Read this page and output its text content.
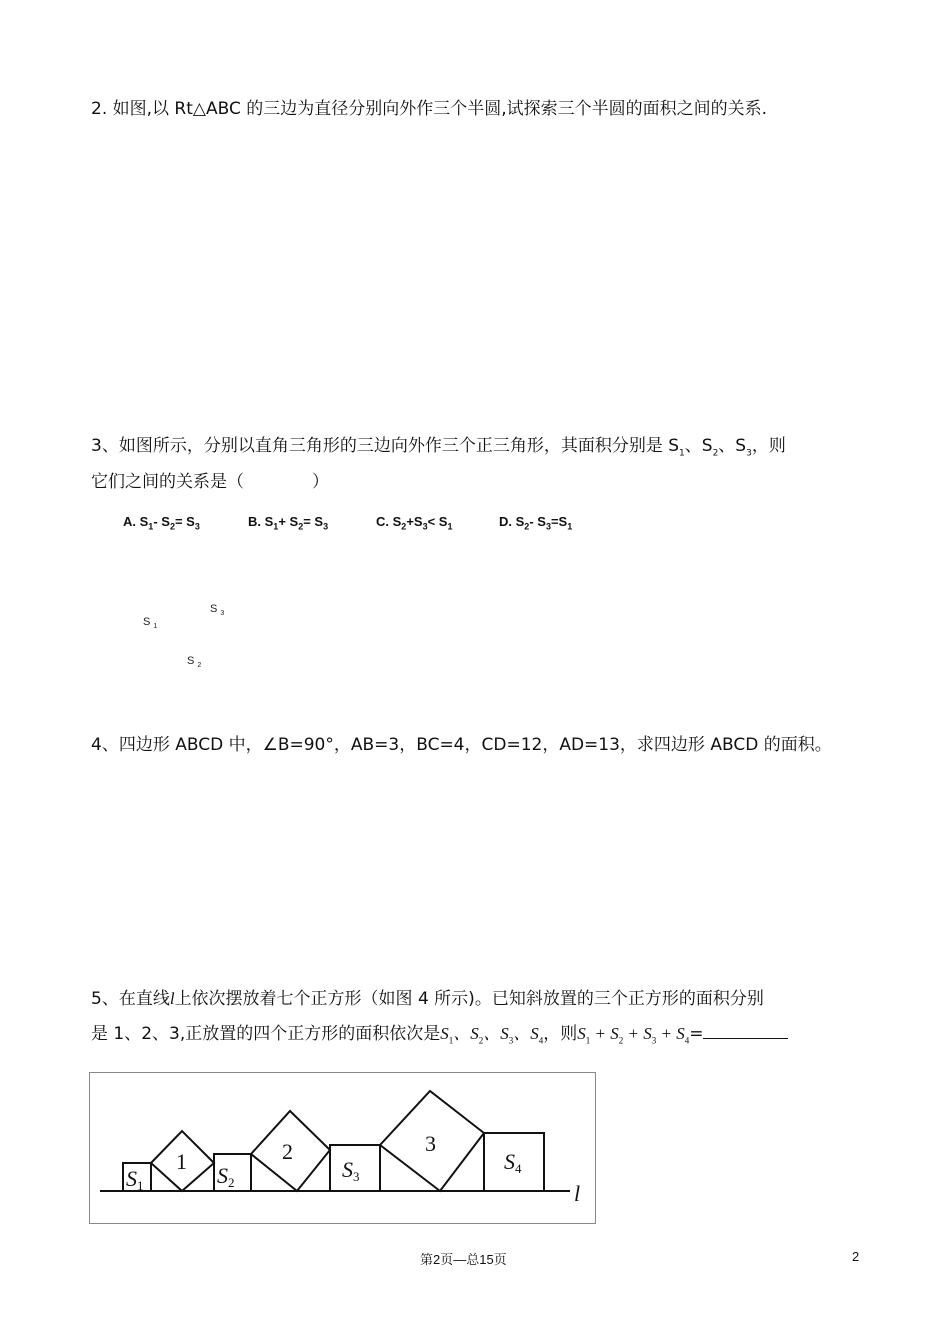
2. 如图,以 Rt△ABC 的三边为直径分别向外作三个半圆,试探索三个半圆的面积之间的关系.
3、如图所示，分别以直角三角形的三边向外作三个正三角形，其面积分别是 $S_1$、$S_2$、$S_3$，则
它们之间的关系是（　　　　）
A. $S_1-$ $S_2= S_3$	B. $S_1+ S_2= S_3$	C. $S_2+S_3< S_1$	D. $S_2-$ $S_3=S_1$
S $_1$
S $_3$
S $_2$
4、四边形 ABCD 中，∠B=90°，AB=3，BC=4，CD=12，AD=13，求四边形 ABCD 的面积。
5、在直线l上依次摆放着七个正方形（如图 4 所示)。已知斜放置的三个正方形的面积分别
是 1、2、3,正放置的四个正方形的面积依次是$S_1$、$S_2$、$S_3$、$S_4$，则$S_1 + S_2 + S_3 + S_4=$
S1
1
S2
2
S3
3
S4
l
第2页—总15页	2
